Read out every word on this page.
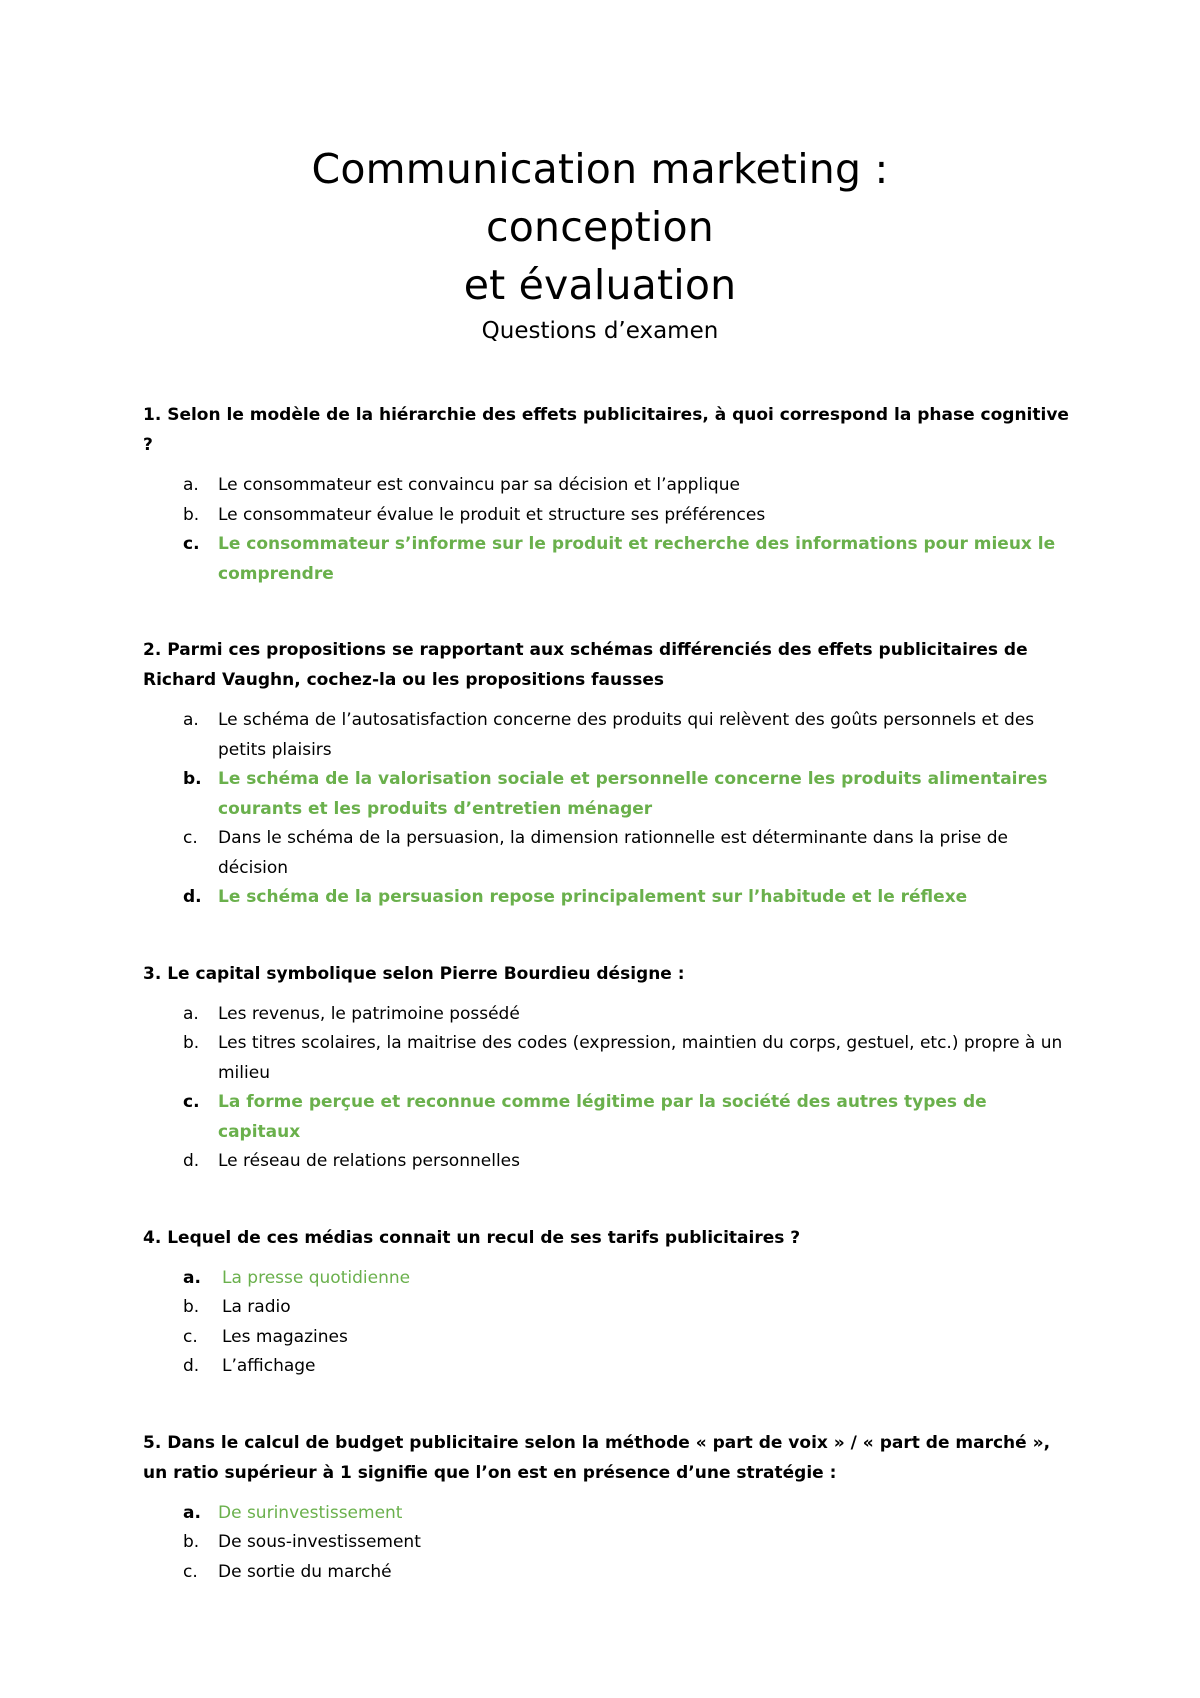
Communication marketing :
conception
et évaluation
Questions d’examen
1. Selon le modèle de la hiérarchie des effets publicitaires, à quoi correspond la phase cognitive ?
a.	Le consommateur est convaincu par sa décision et l’applique
b.	Le consommateur évalue le produit et structure ses préférences
c.	Le consommateur s’informe sur le produit et recherche des informations pour mieux le comprendre
2. Parmi ces propositions se rapportant aux schémas différenciés des effets publicitaires de Richard Vaughn, cochez-la ou les propositions fausses
a.	Le schéma de l’autosatisfaction concerne des produits qui relèvent des goûts personnels et des petits plaisirs
b. Le schéma de la valorisation sociale et personnelle concerne les produits alimentaires courants et les produits d’entretien ménager
c.	Dans le schéma de la persuasion, la dimension rationnelle est déterminante dans la prise de décision
d. Le schéma de la persuasion repose principalement sur l’habitude et le réflexe
3. Le capital symbolique selon Pierre Bourdieu désigne :
a.	Les revenus, le patrimoine possédé
b.	Les titres scolaires, la maitrise des codes (expression, maintien du corps, gestuel, etc.) propre à un milieu
c.	La forme perçue et reconnue comme légitime par la société des autres types de capitaux
d.	Le réseau de relations personnelles
4. Lequel de ces médias connait un recul de ses tarifs publicitaires ?
a.	La presse quotidienne
b.	La radio
c.	Les magazines
d.	L’affichage
5. Dans le calcul de budget publicitaire selon la méthode « part de voix » / « part de marché », un ratio supérieur à 1 signifie que l’on est en présence d’une stratégie :
a.	De surinvestissement
b.	De sous-investissement
c.	De sortie du marché
